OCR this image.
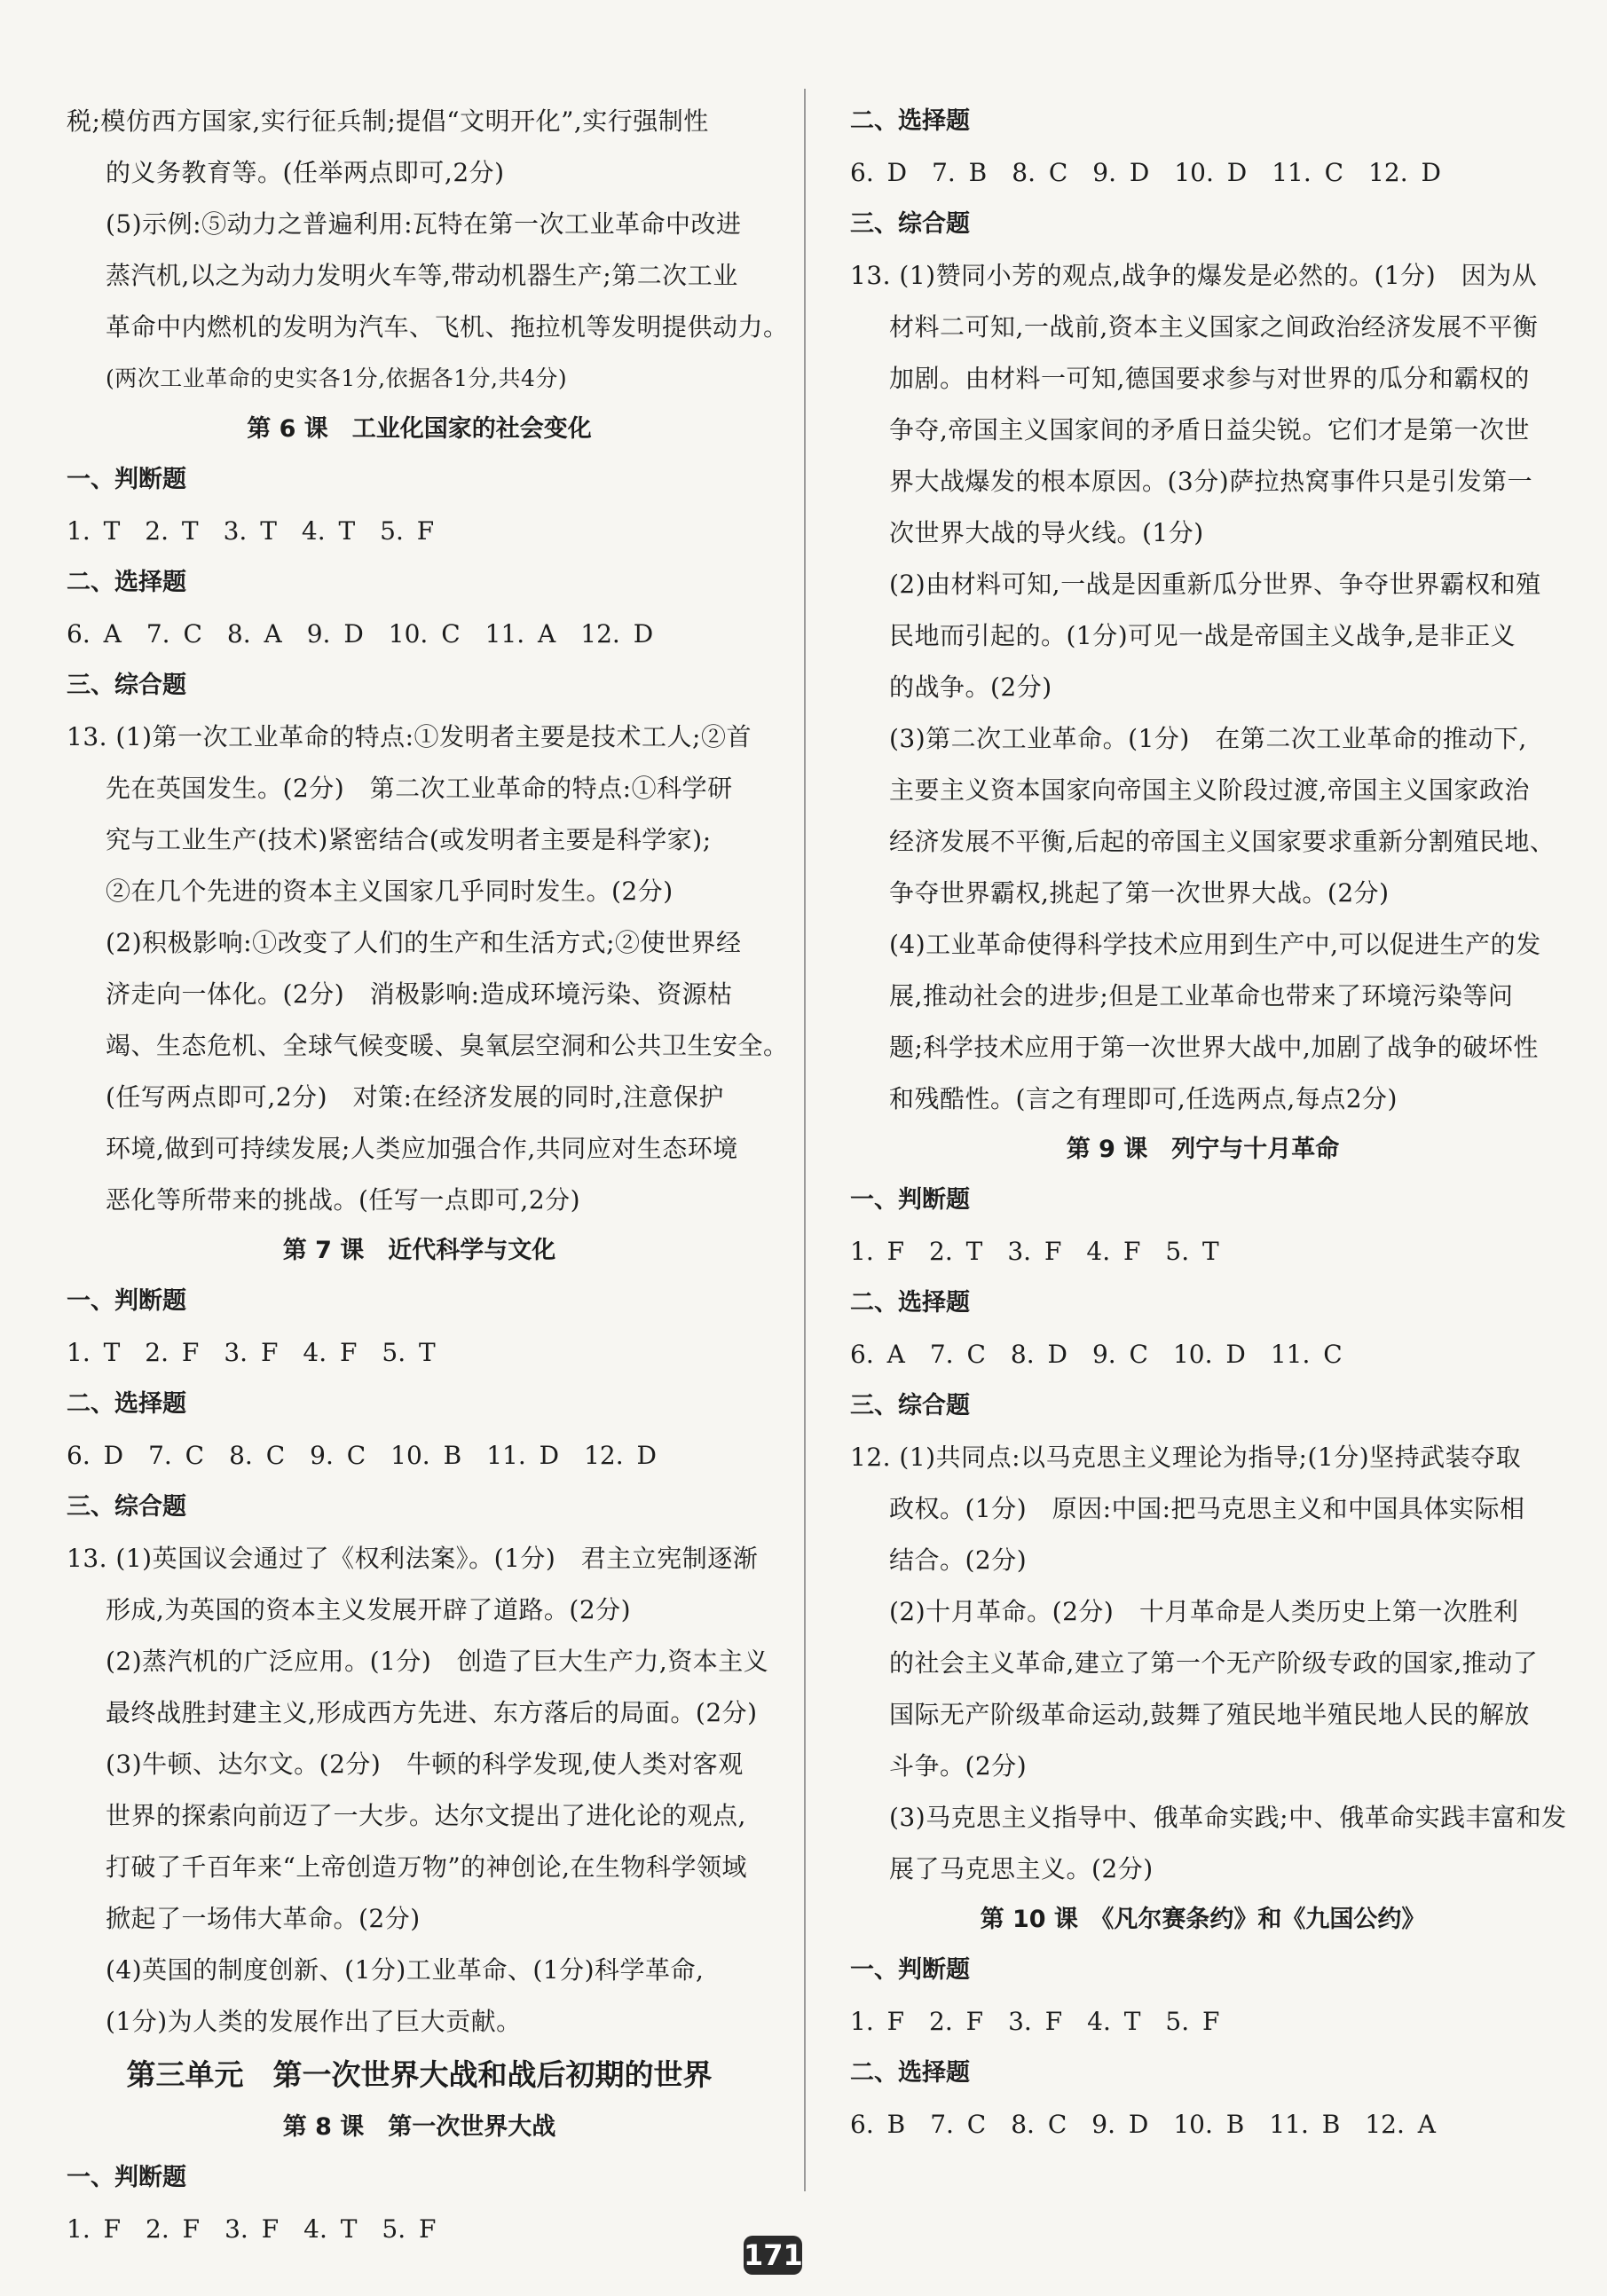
税;模仿西方国家,实行征兵制;提倡“文明开化”,实行强制性
的义务教育等。(任举两点即可,2分)
(5)示例:⑤动力之普遍利用:瓦特在第一次工业革命中改进
蒸汽机,以之为动力发明火车等,带动机器生产;第二次工业
革命中内燃机的发明为汽车、飞机、拖拉机等发明提供动力。
(两次工业革命的史实各1分,依据各1分,共4分)
第 6 课　工业化国家的社会变化
一、判断题
1. T　2. T　3. T　4. T　5. F
二、选择题
6. A　7. C　8. A　9. D　10. C　11. A　12. D
三、综合题
13. (1)第一次工业革命的特点:①发明者主要是技术工人;②首
先在英国发生。(2分)　第二次工业革命的特点:①科学研
究与工业生产(技术)紧密结合(或发明者主要是科学家);
②在几个先进的资本主义国家几乎同时发生。(2分)
(2)积极影响:①改变了人们的生产和生活方式;②使世界经
济走向一体化。(2分)　消极影响:造成环境污染、资源枯
竭、生态危机、全球气候变暖、臭氧层空洞和公共卫生安全。
(任写两点即可,2分)　对策:在经济发展的同时,注意保护
环境,做到可持续发展;人类应加强合作,共同应对生态环境
恶化等所带来的挑战。(任写一点即可,2分)
第 7 课　近代科学与文化
一、判断题
1. T　2. F　3. F　4. F　5. T
二、选择题
6. D　7. C　8. C　9. C　10. B　11. D　12. D
三、综合题
13. (1)英国议会通过了《权利法案》。(1分)　君主立宪制逐渐
形成,为英国的资本主义发展开辟了道路。(2分)
(2)蒸汽机的广泛应用。(1分)　创造了巨大生产力,资本主义
最终战胜封建主义,形成西方先进、东方落后的局面。(2分)
(3)牛顿、达尔文。(2分)　牛顿的科学发现,使人类对客观
世界的探索向前迈了一大步。达尔文提出了进化论的观点,
打破了千百年来“上帝创造万物”的神创论,在生物科学领域
掀起了一场伟大革命。(2分)
(4)英国的制度创新、(1分)工业革命、(1分)科学革命,
(1分)为人类的发展作出了巨大贡献。
第三单元　第一次世界大战和战后初期的世界
第 8 课　第一次世界大战
一、判断题
1. F　2. F　3. F　4. T　5. F
二、选择题
6. D　7. B　8. C　9. D　10. D　11. C　12. D
三、综合题
13. (1)赞同小芳的观点,战争的爆发是必然的。(1分)　因为从
材料二可知,一战前,资本主义国家之间政治经济发展不平衡
加剧。由材料一可知,德国要求参与对世界的瓜分和霸权的
争夺,帝国主义国家间的矛盾日益尖锐。它们才是第一次世
界大战爆发的根本原因。(3分)萨拉热窝事件只是引发第一
次世界大战的导火线。(1分)
(2)由材料可知,一战是因重新瓜分世界、争夺世界霸权和殖
民地而引起的。(1分)可见一战是帝国主义战争,是非正义
的战争。(2分)
(3)第二次工业革命。(1分)　在第二次工业革命的推动下,
主要主义资本国家向帝国主义阶段过渡,帝国主义国家政治
经济发展不平衡,后起的帝国主义国家要求重新分割殖民地、
争夺世界霸权,挑起了第一次世界大战。(2分)
(4)工业革命使得科学技术应用到生产中,可以促进生产的发
展,推动社会的进步;但是工业革命也带来了环境污染等问
题;科学技术应用于第一次世界大战中,加剧了战争的破坏性
和残酷性。(言之有理即可,任选两点,每点2分)
第 9 课　列宁与十月革命
一、判断题
1. F　2. T　3. F　4. F　5. T
二、选择题
6. A　7. C　8. D　9. C　10. D　11. C
三、综合题
12. (1)共同点:以马克思主义理论为指导;(1分)坚持武装夺取
政权。(1分)　原因:中国:把马克思主义和中国具体实际相
结合。(2分)
(2)十月革命。(2分)　十月革命是人类历史上第一次胜利
的社会主义革命,建立了第一个无产阶级专政的国家,推动了
国际无产阶级革命运动,鼓舞了殖民地半殖民地人民的解放
斗争。(2分)
(3)马克思主义指导中、俄革命实践;中、俄革命实践丰富和发
展了马克思主义。(2分)
第 10 课　《凡尔赛条约》和《九国公约》
一、判断题
1. F　2. F　3. F　4. T　5. F
二、选择题
6. B　7. C　8. C　9. D　10. B　11. B　12. A
171
